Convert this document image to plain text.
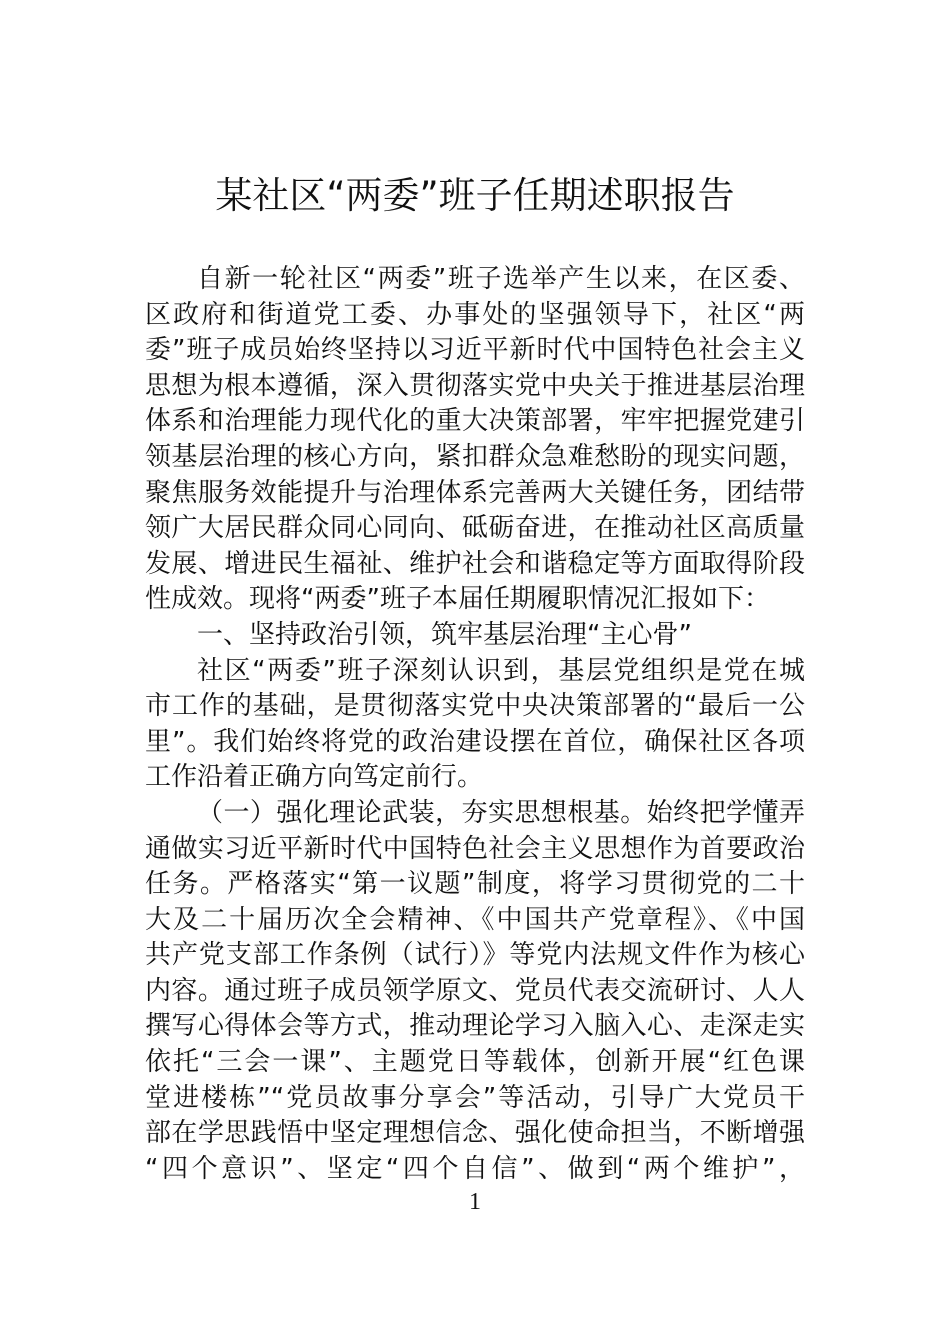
某社区“两委”班子任期述职报告
自新一轮社区“两委”班子选举产生以来，在区委、
区政府和街道党工委、办事处的坚强领导下，社区“两
委”班子成员始终坚持以习近平新时代中国特色社会主义
思想为根本遵循，深入贯彻落实党中央关于推进基层治理
体系和治理能力现代化的重大决策部署，牢牢把握党建引
领基层治理的核心方向，紧扣群众急难愁盼的现实问题，
聚焦服务效能提升与治理体系完善两大关键任务，团结带
领广大居民群众同心同向、砥砺奋进，在推动社区高质量
发展、增进民生福祉、维护社会和谐稳定等方面取得阶段
性成效。现将“两委”班子本届任期履职情况汇报如下：
一、坚持政治引领，筑牢基层治理“主心骨”
社区“两委”班子深刻认识到，基层党组织是党在城
市工作的基础，是贯彻落实党中央决策部署的“最后一公
里”。我们始终将党的政治建设摆在首位，确保社区各项
工作沿着正确方向笃定前行。
（一）强化理论武装，夯实思想根基。始终把学懂弄
通做实习近平新时代中国特色社会主义思想作为首要政治
任务。严格落实“第一议题”制度，将学习贯彻党的二十
大及二十届历次全会精神、《中国共产党章程》、《中国
共产党支部工作条例（试行）》等党内法规文件作为核心
内容。通过班子成员领学原文、党员代表交流研讨、人人
撰写心得体会等方式，推动理论学习入脑入心、走深走实
依托“三会一课”、主题党日等载体，创新开展“红色课
堂进楼栋”“党员故事分享会”等活动，引导广大党员干
部在学思践悟中坚定理想信念、强化使命担当，不断增强
“四个意识”、坚定“四个自信”、做到“两个维护”，
1
